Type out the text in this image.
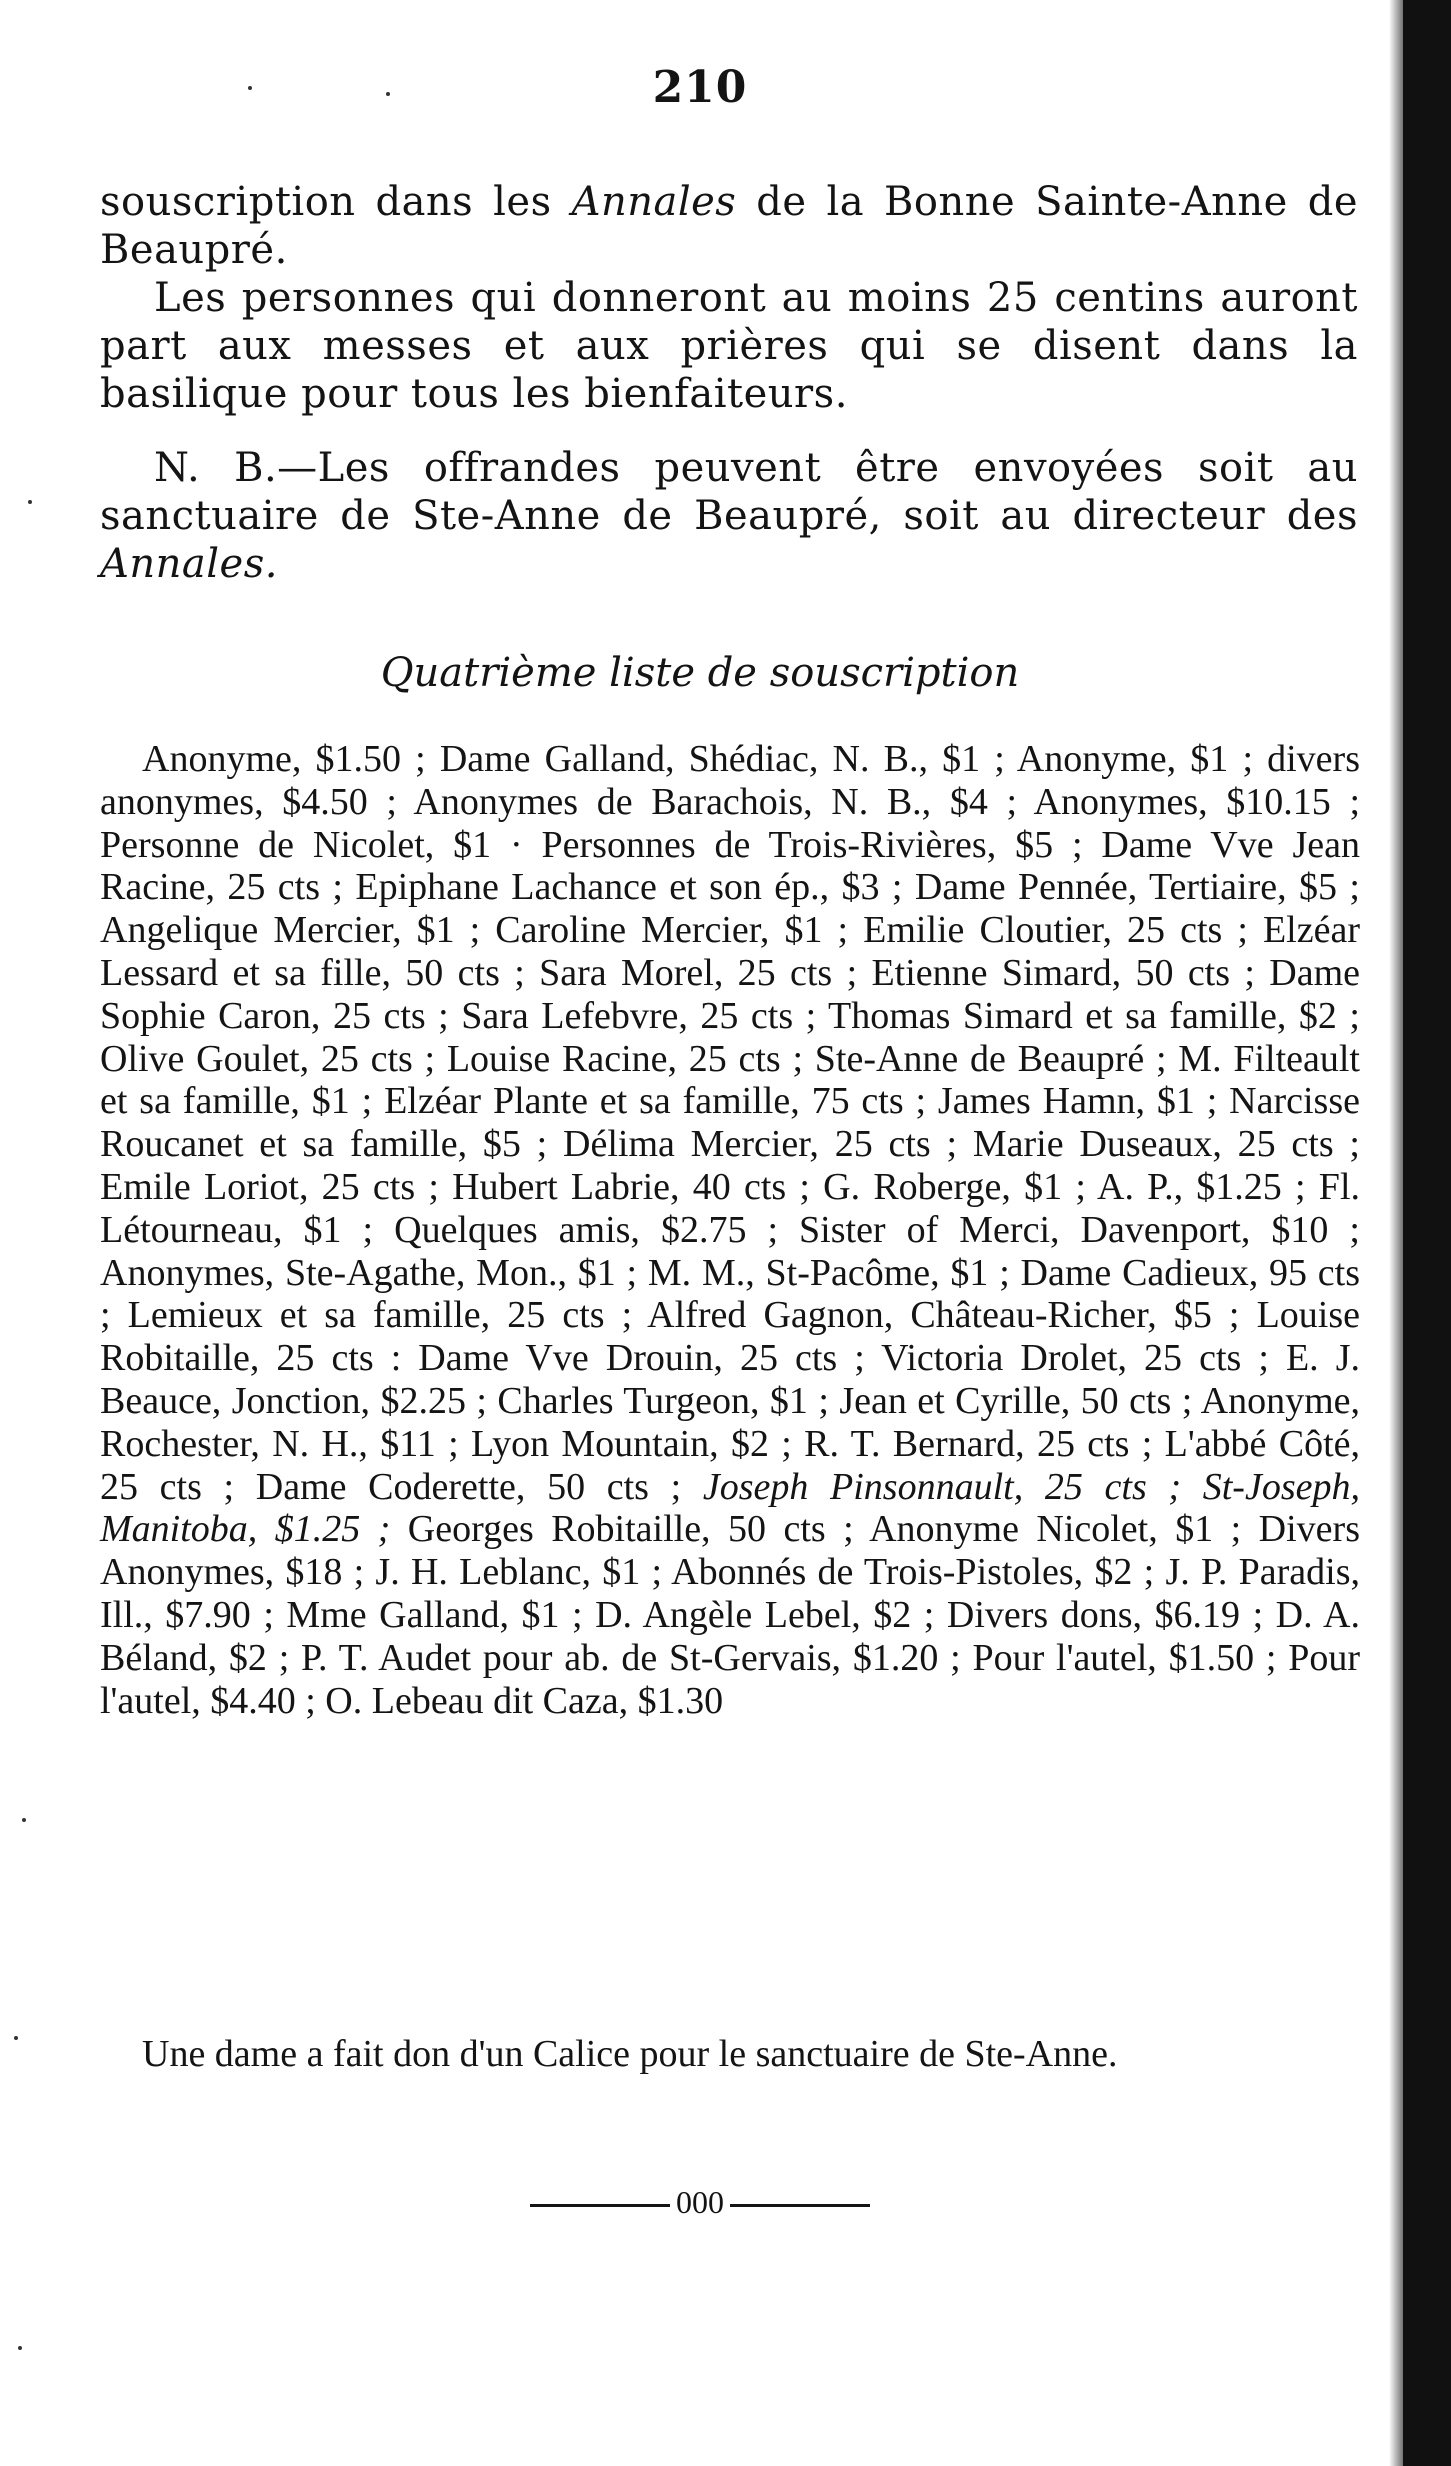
210

souscription dans les Annales de la Bonne Sainte-Anne de Beaupré.

Les personnes qui donneront au moins 25 centins auront part aux messes et aux prières qui se disent dans la basilique pour tous les bienfaiteurs.

N. B.—Les offrandes peuvent être envoyées soit au sanctuaire de Ste-Anne de Beaupré, soit au directeur des Annales.

Quatrième liste de souscription

Anonyme, $1.50 ; Dame Galland, Shédiac, N. B., $1 ; Anonyme, $1 ; divers anonymes, $4.50 ; Anonymes de Barachois, N. B., $4 ; Anonymes, $10.15 ; Personne de Nicolet, $1 · Personnes de Trois-Rivières, $5 ; Dame Vve Jean Racine, 25 cts ; Epiphane Lachance et son ép., $3 ; Dame Pennée, Tertiaire, $5 ; Angelique Mercier, $1 ; Caroline Mercier, $1 ; Emilie Cloutier, 25 cts ; Elzéar Lessard et sa fille, 50 cts ; Sara Morel, 25 cts ; Etienne Simard, 50 cts ; Dame Sophie Caron, 25 cts ; Sara Lefebvre, 25 cts ; Thomas Simard et sa famille, $2 ; Olive Goulet, 25 cts ; Louise Racine, 25 cts ; Ste-Anne de Beaupré ; M. Filteault et sa famille, $1 ; Elzéar Plante et sa famille, 75 cts ; James Hamn, $1 ; Narcisse Roucanet et sa famille, $5 ; Délima Mercier, 25 cts ; Marie Duseaux, 25 cts ; Emile Loriot, 25 cts ; Hubert Labrie, 40 cts ; G. Roberge, $1 ; A. P., $1.25 ; Fl. Létourneau, $1 ; Quelques amis, $2.75 ; Sister of Merci, Davenport, $10 ; Anonymes, Ste-Agathe, Mon., $1 ; M. M., St-Pacôme, $1 ; Dame Cadieux, 95 cts ; Lemieux et sa famille, 25 cts ; Alfred Gagnon, Château-Richer, $5 ; Louise Robitaille, 25 cts : Dame Vve Drouin, 25 cts ; Victoria Drolet, 25 cts ; E. J. Beauce, Jonction, $2.25 ; Charles Turgeon, $1 ; Jean et Cyrille, 50 cts ; Anonyme, Rochester, N. H., $11 ; Lyon Mountain, $2 ; R. T. Bernard, 25 cts ; L'abbé Côté, 25 cts ; Dame Coderette, 50 cts ; Joseph Pinsonnault, 25 cts ; St-Joseph, Manitoba, $1.25 ; Georges Robitaille, 50 cts ; Anonyme Nicolet, $1 ; Divers Anonymes, $18 ; J. H. Leblanc, $1 ; Abonnés de Trois-Pistoles, $2 ; J. P. Paradis, Ill., $7.90 ; Mme Galland, $1 ; D. Angèle Lebel, $2 ; Divers dons, $6.19 ; D. A. Béland, $2 ; P. T. Audet pour ab. de St-Gervais, $1.20 ; Pour l'autel, $1.50 ; Pour l'autel, $4.40 ; O. Lebeau dit Caza, $1.30

Une dame a fait don d'un Calice pour le sanctuaire de Ste-Anne.

000
